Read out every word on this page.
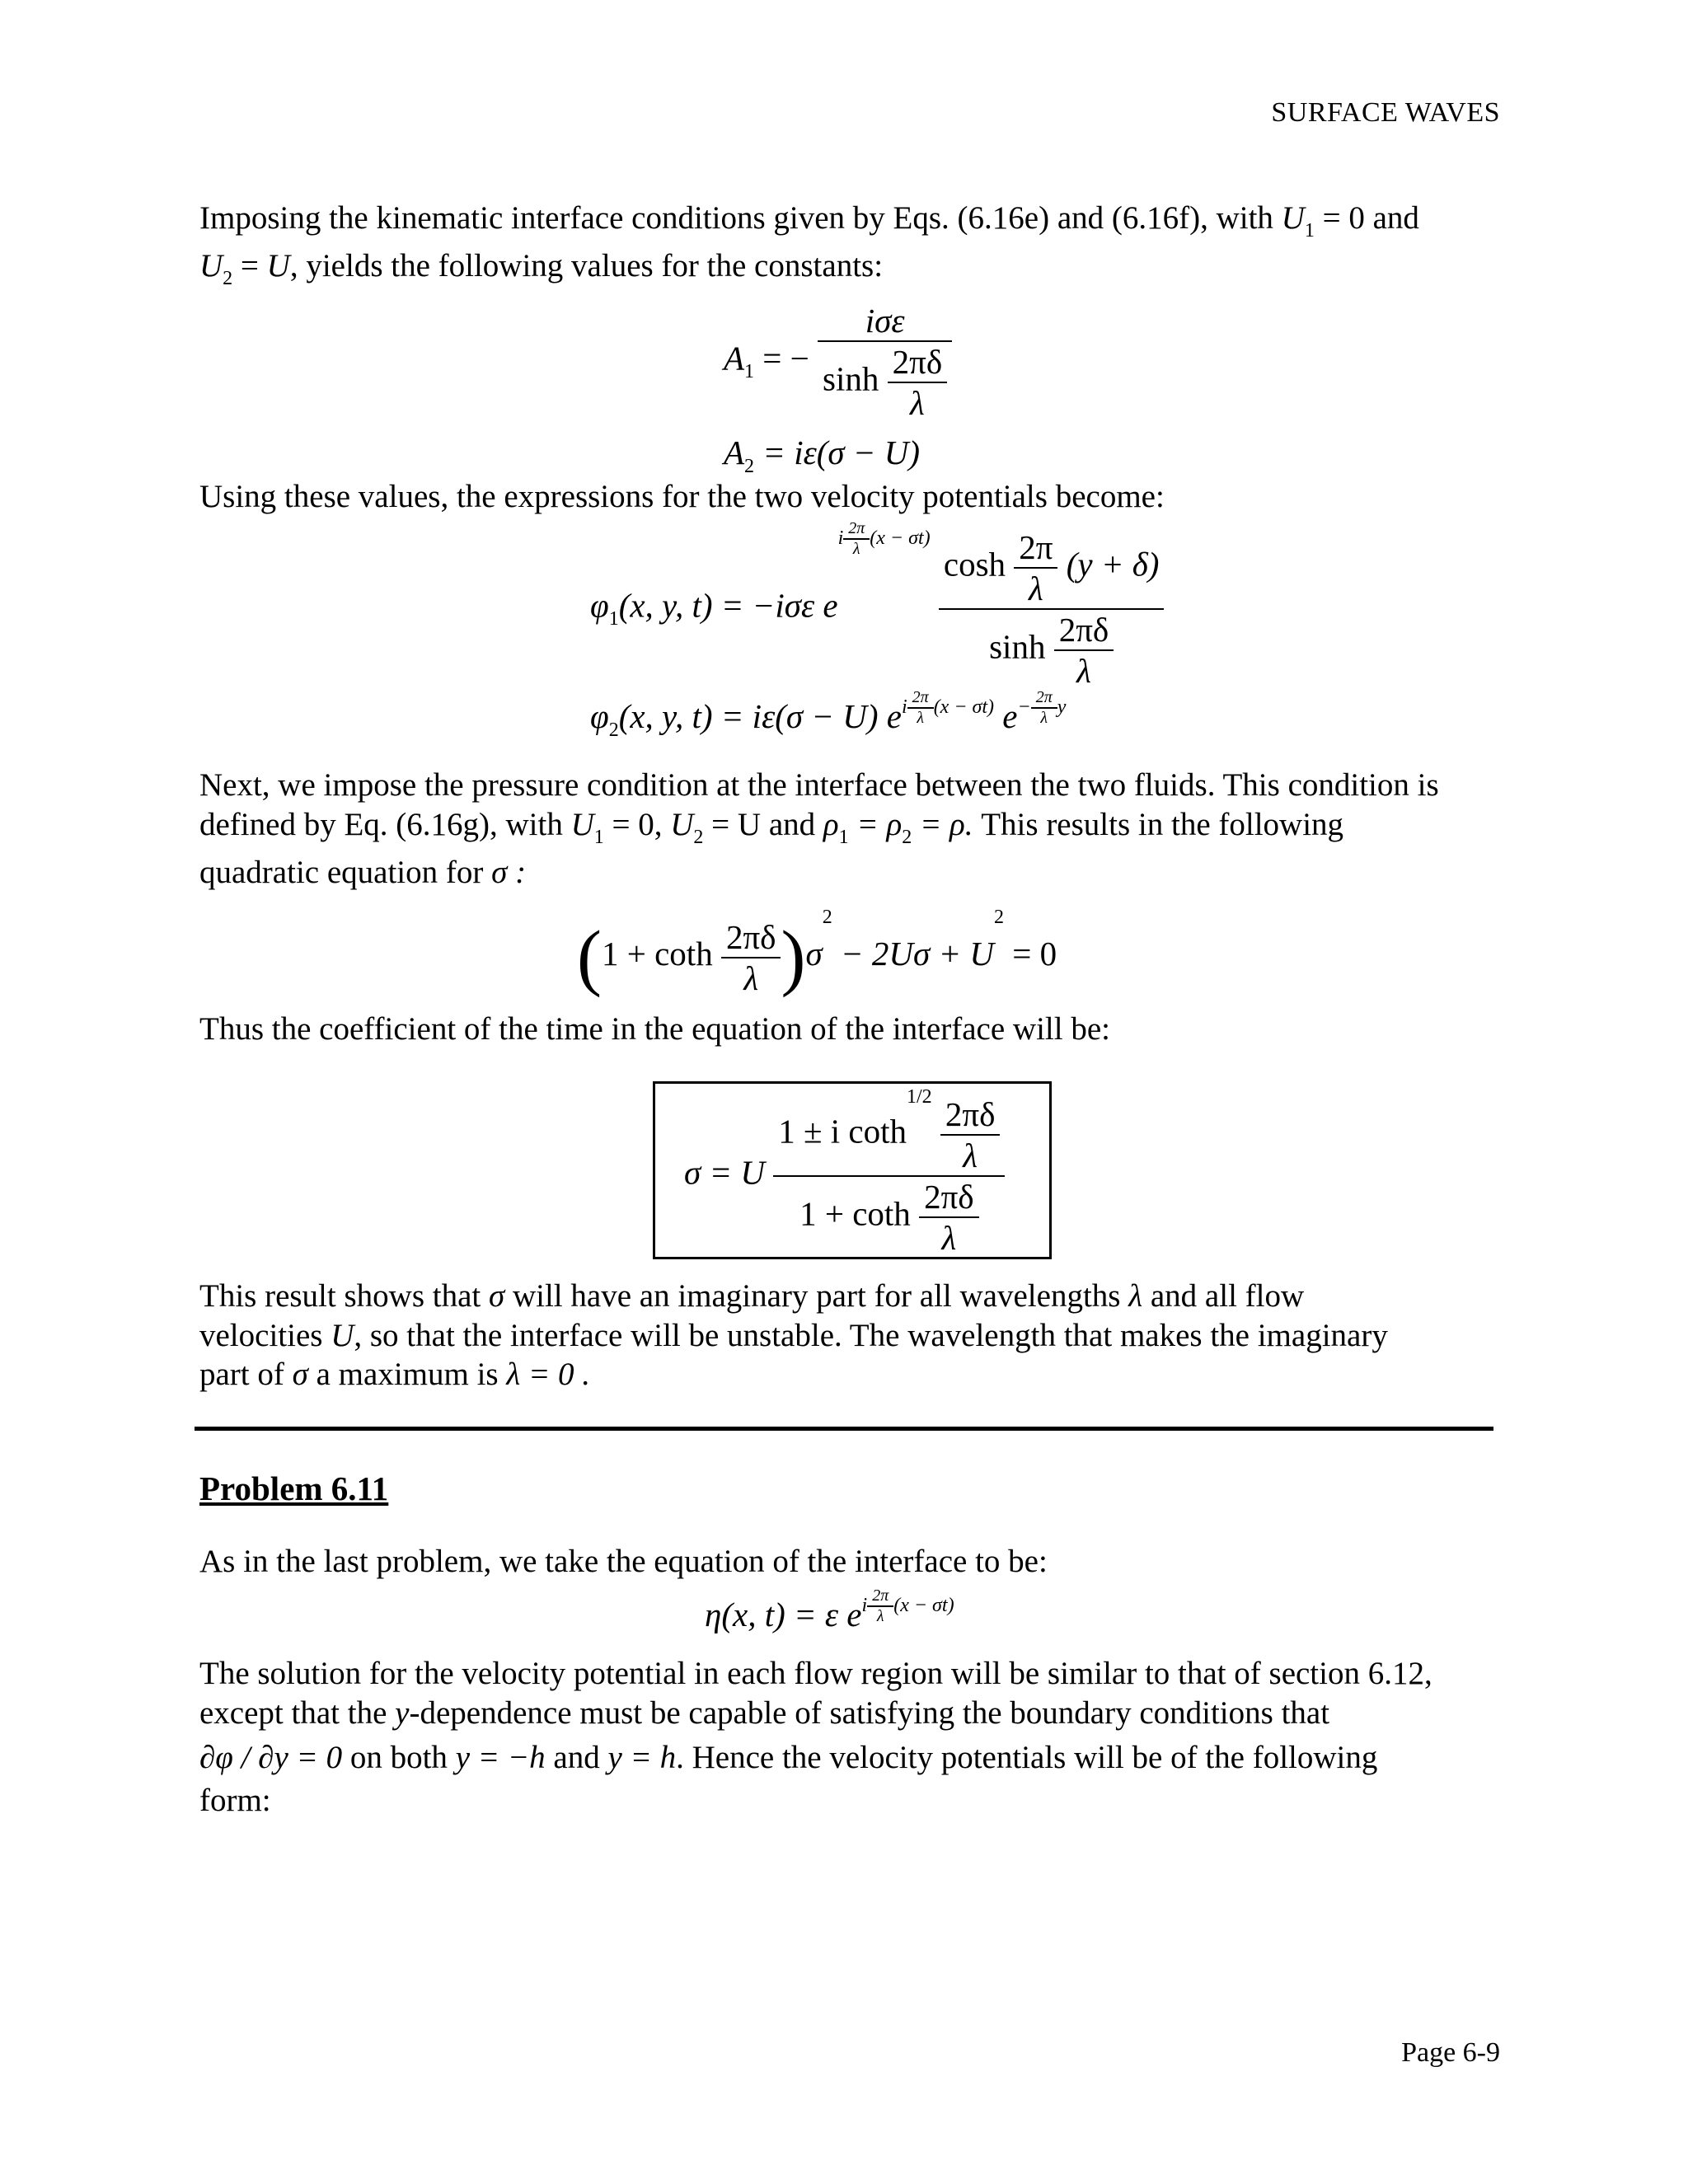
SURFACE WAVES
Imposing the kinematic interface conditions given by Eqs. (6.16e) and (6.16f), with $U_1 = 0$ and
$U_2 = U$, yields the following values for the constants:
$A_1$ = − $\frac{\text{iσε}}{\sinh \frac{2\pi\delta}{\lambda}}$
$A_2 = i\varepsilon(\sigma - U)$
Using these values, the expressions for the two velocity potentials become:
$\varphi_1(x$, y, t) = −iσε $e^{i \frac{2\pi}{\lambda} (x - \sigma t)} \frac{\cosh \frac{2\pi}{\lambda} (y + \delta)}{\sinh \frac{2\pi\delta}{\lambda}}$
$\varphi_2(x$, y, t) = iε(σ − U) $e^{i \frac{2\pi}{\lambda} (x - \sigma t)}$ $e^{- \frac{2\pi}{\lambda} y}$
Next, we impose the pressure condition at the interface between the two fluids. This condition is
defined by Eq. (6.16g), with $U_1 = 0$, $U_2 = U$ and $\rho_1 = \rho_2 = \rho$. This results in the following
quadratic equation for σ :
(1 + coth $\frac{2\pi\delta}{\lambda} )\sigma^2 - 2U\sigma + U^2 = 0$
Thus the coefficient of the time in the equation of the interface will be:
σ = U $\frac{1 \pm i \cot h^{1/2} \frac{2\pi\delta}{\lambda}}{1 + \cot h \frac{2\pi\delta}{\lambda}}$
This result shows that σ will have an imaginary part for all wavelengths λ and all flow
velocities U, so that the interface will be unstable. The wavelength that makes the imaginary
part of σ a maximum is λ = 0 .
Problem 6.11
As in the last problem, we take the equation of the interface to be:
η(x, t) = ε $e^{i \frac{2\pi}{\lambda} (x - \sigma t)}$
The solution for the velocity potential in each flow region will be similar to that of section 6.12,
except that the y-dependence must be capable of satisfying the boundary conditions that
∂φ / ∂y = 0 on both y = −h and y = h. Hence the velocity potentials will be of the following
form:
Page 6-9
